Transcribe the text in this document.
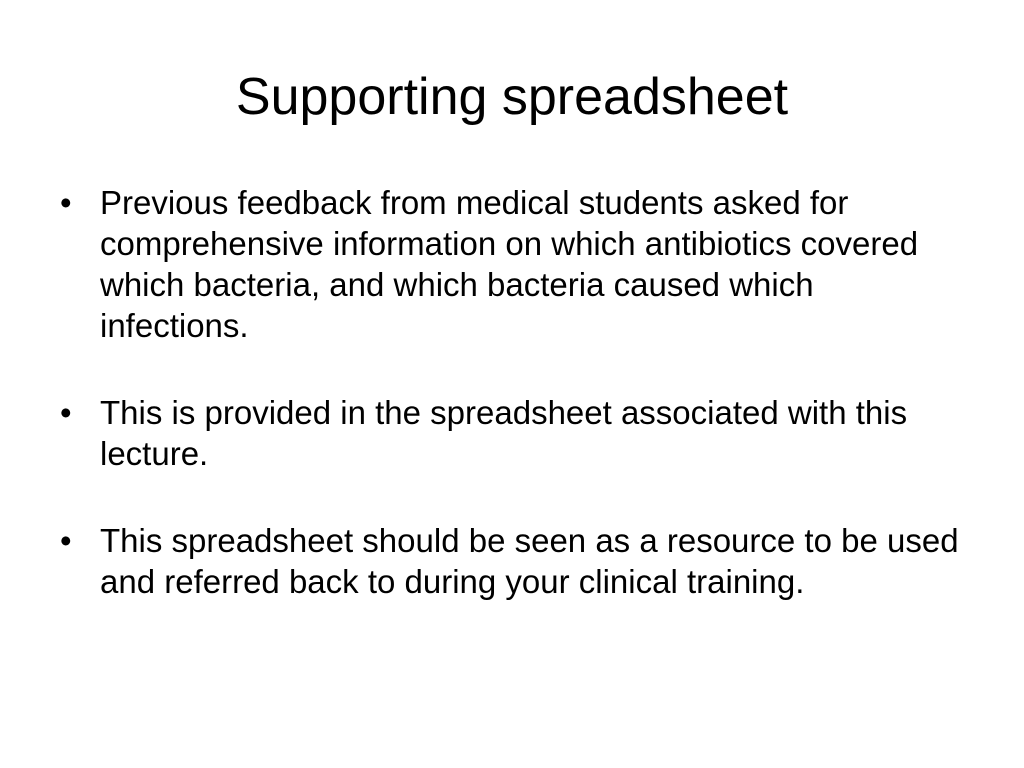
Supporting spreadsheet
• Previous feedback from medical students asked for comprehensive information on which antibiotics covered which bacteria, and which bacteria caused which infections.
• This is provided in the spreadsheet associated with this lecture.
• This spreadsheet should be seen as a resource to be used and referred back to during your clinical training.
